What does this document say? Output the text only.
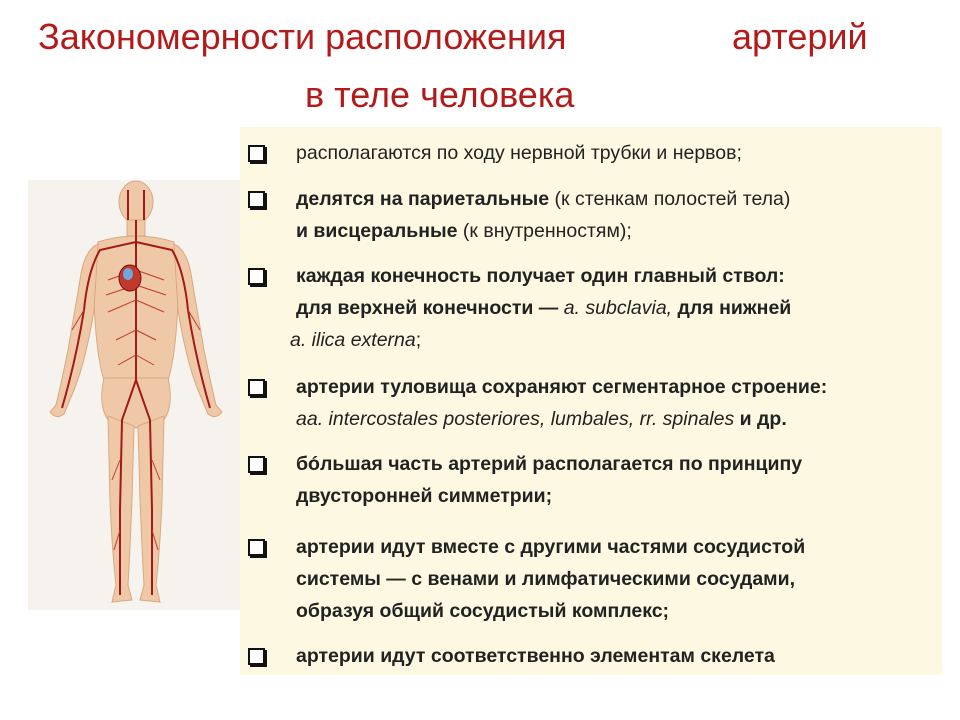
Закономерности расположения	артерий
в теле человека
располагаются по ходу нервной трубки и нервов;
делятся на париетальные (к стенкам полостей тела)
и висцеральные (к внутренностям);
каждая конечность получает один главный ствол:
для верхней конечности — a. subclavia, для нижней
a. ilica externa;
артерии туловища сохраняют сегментарное строение:
aa. intercostales posteriores, lumbales, rr. spinales и др.
бóльшая часть артерий располагается по принципу
двусторонней симметрии;
артерии идут вместе с другими частями сосудистой
системы — с венами и лимфатическими сосудами,
образуя общий сосудистый комплекс;
артерии идут соответственно элементам скелета
